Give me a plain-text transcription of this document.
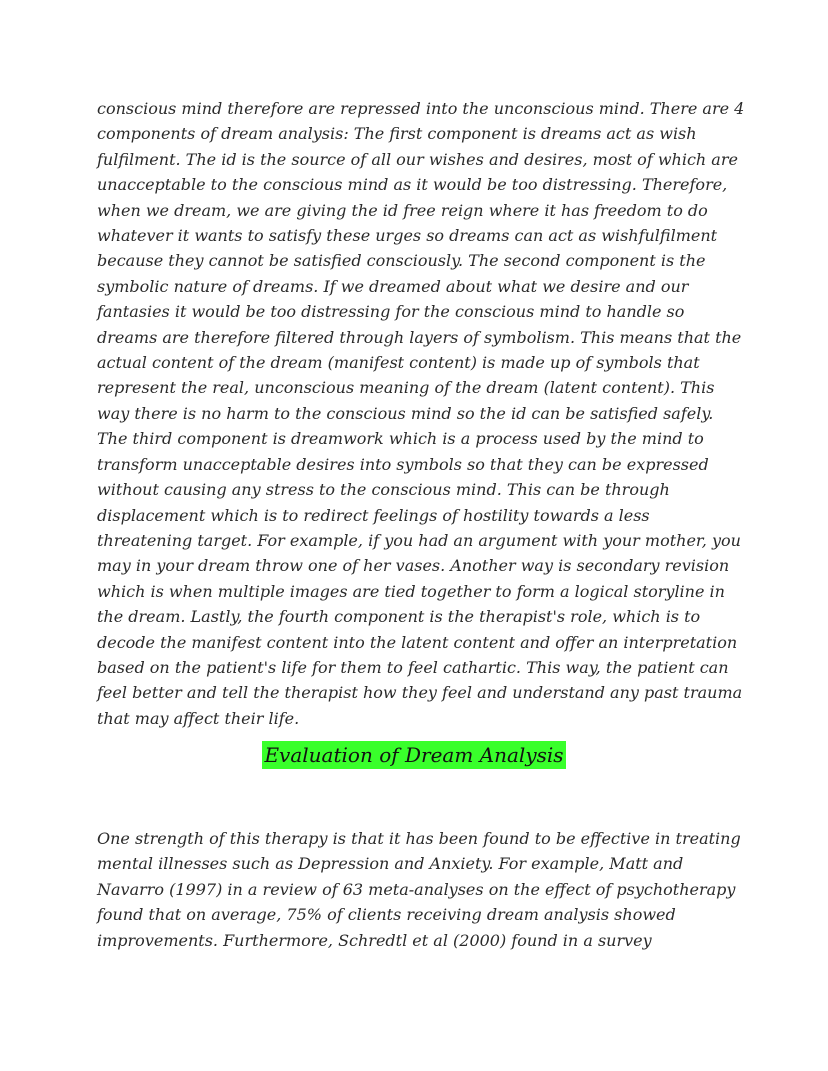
conscious mind therefore are repressed into the unconscious mind. There are 4 components of dream analysis: The first component is dreams act as wish fulfilment. The id is the source of all our wishes and desires, most of which are unacceptable to the conscious mind as it would be too distressing. Therefore, when we dream, we are giving the id free reign where it has freedom to do whatever it wants to satisfy these urges so dreams can act as wishfulfilment because they cannot be satisfied consciously. The second component is the symbolic nature of dreams. If we dreamed about what we desire and our fantasies it would be too distressing for the conscious mind to handle so dreams are therefore filtered through layers of symbolism. This means that the actual content of the dream (manifest content) is made up of symbols that represent the real, unconscious meaning of the dream (latent content). This way there is no harm to the conscious mind so the id can be satisfied safely. The third component is dreamwork which is a process used by the mind to transform unacceptable desires into symbols so that they can be expressed without causing any stress to the conscious mind. This can be through displacement which is to redirect feelings of hostility towards a less threatening target. For example, if you had an argument with your mother, you may in your dream throw one of her vases. Another way is secondary revision which is when multiple images are tied together to form a logical storyline in the dream. Lastly, the fourth component is the therapist's role, which is to decode the manifest content into the latent content and offer an interpretation based on the patient's life for them to feel cathartic. This way, the patient can feel better and tell the therapist how they feel and understand any past trauma that may affect their life.

Evaluation of Dream Analysis

One strength of this therapy is that it has been found to be effective in treating mental illnesses such as Depression and Anxiety. For example, Matt and Navarro (1997) in a review of 63 meta-analyses on the effect of psychotherapy found that on average, 75% of clients receiving dream analysis showed improvements. Furthermore, Schredtl et al (2000) found in a survey
